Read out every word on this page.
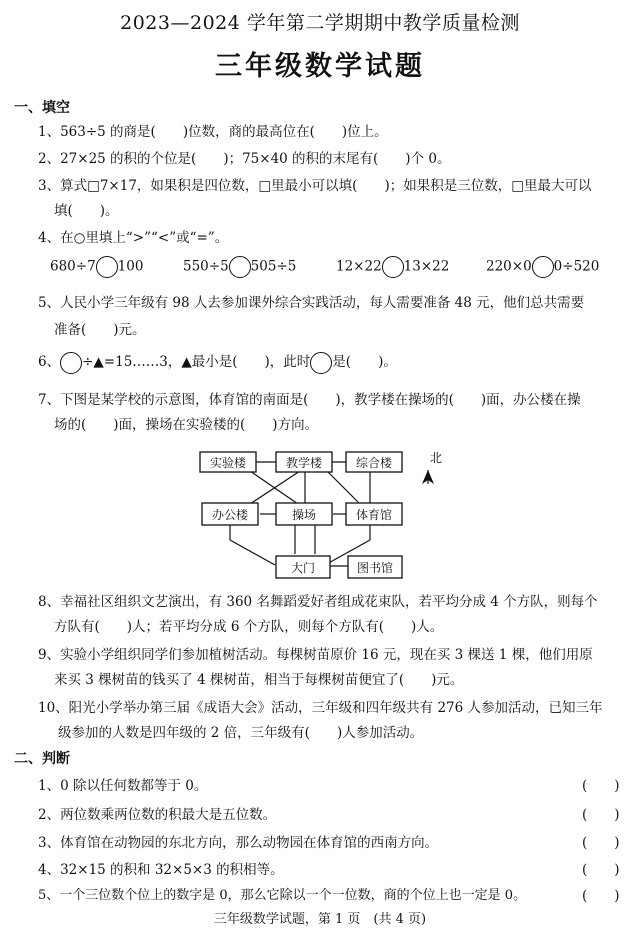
2023—2024 学年第二学期期中教学质量检测
三年级数学试题
一、填空
1、563÷5 的商是(　　)位数，商的最高位在(　　)位上。
2、27×25 的积的个位是(　　)；75×40 的积的末尾有(　　)个 0。
3、算式□7×17，如果积是四位数，□里最小可以填(　　)；如果积是三位数，□里最大可以
填(　　)。
4、在○里填上“>”“<”或“=”。
680÷7 100	550÷5 505÷5	12×22 13×22	220×0 0÷520
5、人民小学三年级有 98 人去参加课外综合实践活动，每人需要准备 48 元，他们总共需要
准备(　　)元。
6、 ÷▲=15……3，▲最小是(　　)，此时 是(　　)。
7、下图是某学校的示意图，体育馆的南面是(　　)，教学楼在操场的(　　)面，办公楼在操
场的(　　)面，操场在实验楼的(　　)方向。
实验楼	教学楼	综合楼
办公楼	操场	体育馆
大门	图书馆
北
8、幸福社区组织文艺演出，有 360 名舞蹈爱好者组成花束队，若平均分成 4 个方队，则每个
方队有(　　)人；若平均分成 6 个方队，则每个方队有(　　)人。
9、实验小学组织同学们参加植树活动。每棵树苗原价 16 元，现在买 3 棵送 1 棵，他们用原
来买 3 棵树苗的钱买了 4 棵树苗，相当于每棵树苗便宜了(　　)元。
10、阳光小学举办第三届《成语大会》活动，三年级和四年级共有 276 人参加活动，已知三年
级参加的人数是四年级的 2 倍，三年级有(　　)人参加活动。
二、判断
1、0 除以任何数都等于 0。	(　　)
2、两位数乘两位数的积最大是五位数。	(　　)
3、体育馆在动物园的东北方向，那么动物园在体育馆的西南方向。	(　　)
4、32×15 的积和 32×5×3 的积相等。	(　　)
5、一个三位数个位上的数字是 0，那么它除以一个一位数，商的个位上也一定是 0。	(　　)
三年级数学试题，第 1 页　(共 4 页)
